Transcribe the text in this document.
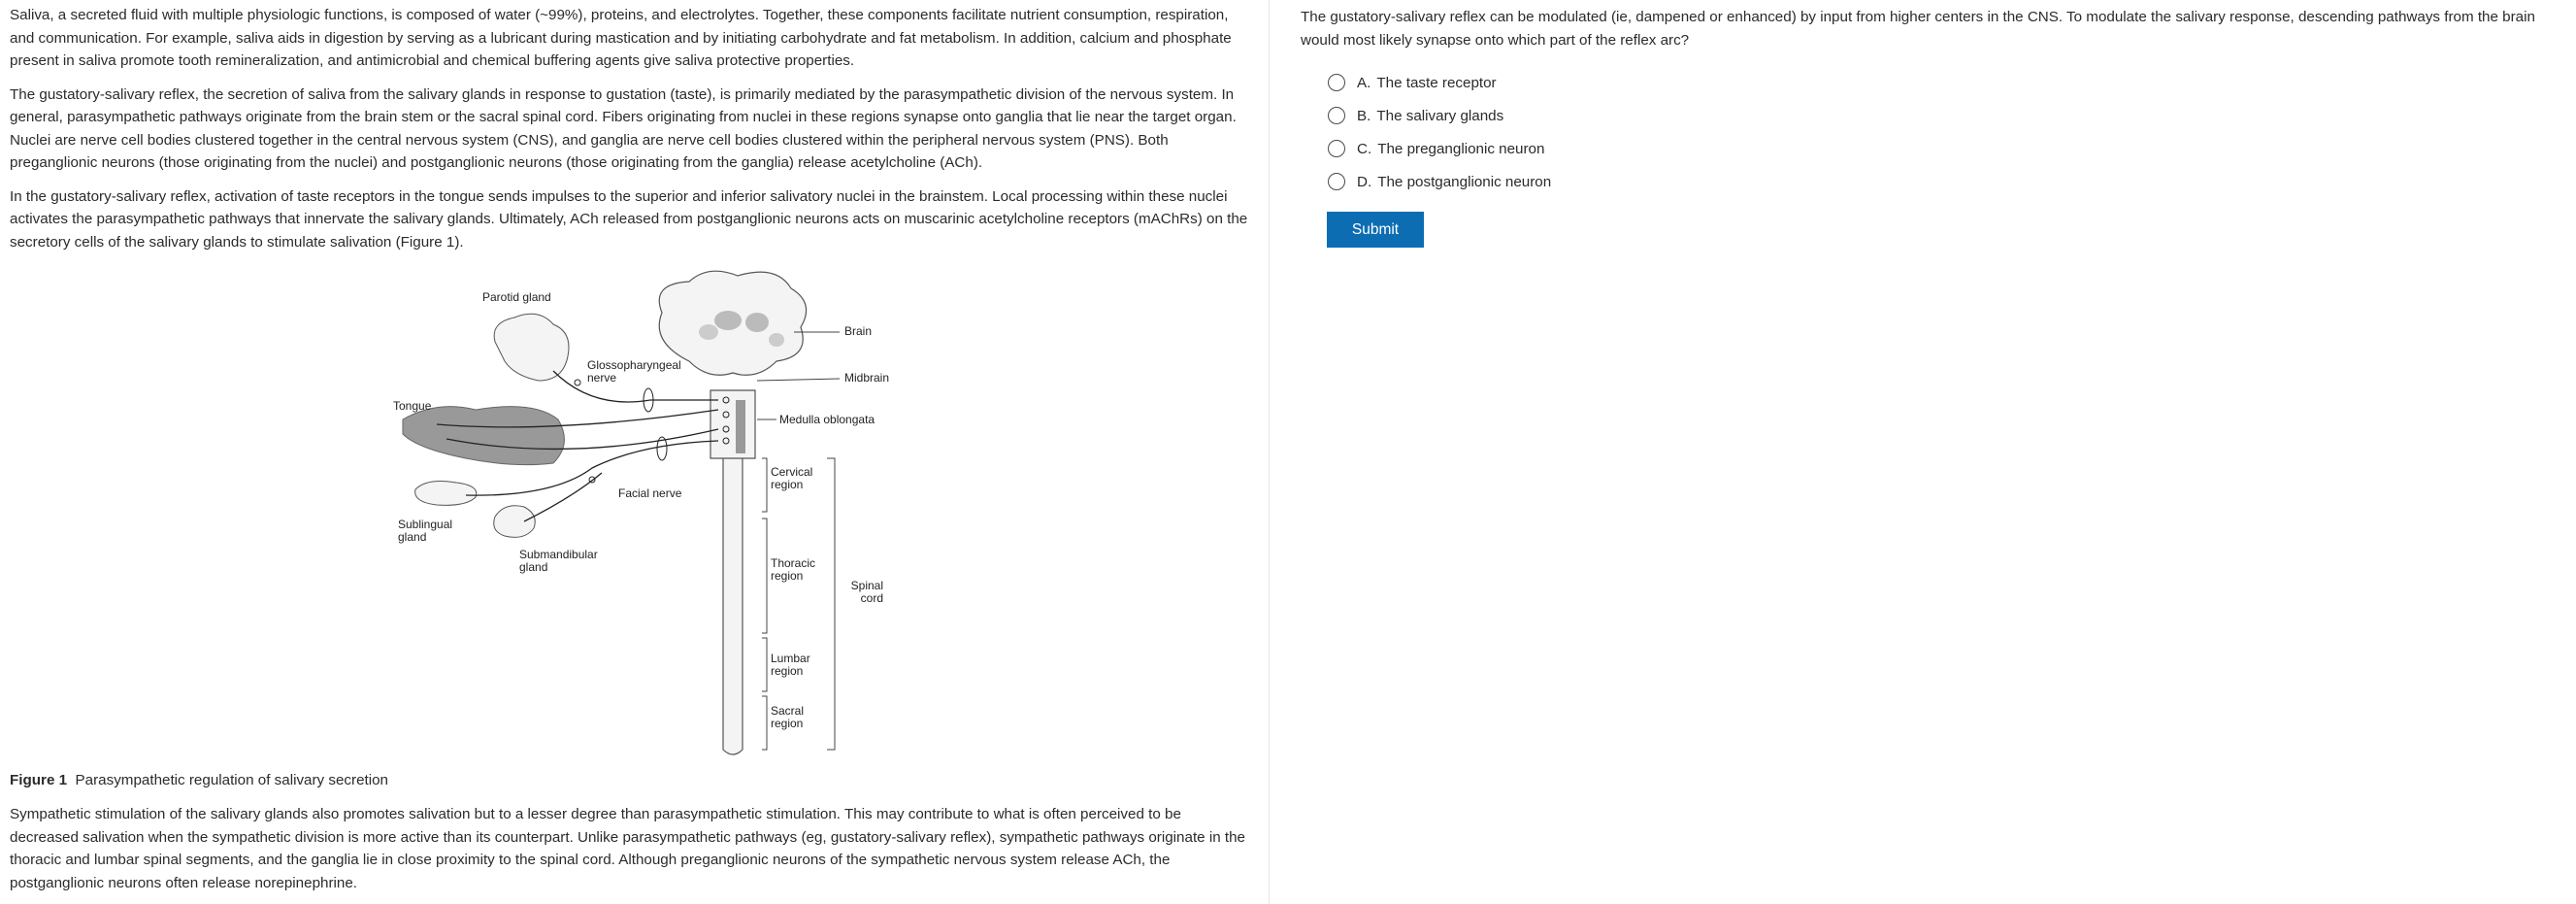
Saliva, a secreted fluid with multiple physiologic functions, is composed of water (~99%), proteins, and electrolytes. Together, these components facilitate nutrient consumption, respiration, and communication. For example, saliva aids in digestion by serving as a lubricant during mastication and by initiating carbohydrate and fat metabolism. In addition, calcium and phosphate present in saliva promote tooth remineralization, and antimicrobial and chemical buffering agents give saliva protective properties.

The gustatory-salivary reflex, the secretion of saliva from the salivary glands in response to gustation (taste), is primarily mediated by the parasympathetic division of the nervous system. In general, parasympathetic pathways originate from the brain stem or the sacral spinal cord. Fibers originating from nuclei in these regions synapse onto ganglia that lie near the target organ. Nuclei are nerve cell bodies clustered together in the central nervous system (CNS), and ganglia are nerve cell bodies clustered within the peripheral nervous system (PNS). Both preganglionic neurons (those originating from the nuclei) and postganglionic neurons (those originating from the ganglia) release acetylcholine (ACh).

In the gustatory-salivary reflex, activation of taste receptors in the tongue sends impulses to the superior and inferior salivatory nuclei in the brainstem. Local processing within these nuclei activates the parasympathetic pathways that innervate the salivary glands. Ultimately, ACh released from postganglionic neurons acts on muscarinic acetylcholine receptors (mAChRs) on the secretory cells of the salivary glands to stimulate salivation (Figure 1).

Parotid gland
Glossopharyngeal nerve
Tongue
Facial nerve
Sublingual gland
Submandibular gland
Brain
Midbrain
Medulla oblongata
Cervical region
Thoracic region
Lumbar region
Sacral region
Spinal cord
Figure 1 Parasympathetic regulation of salivary secretion

Sympathetic stimulation of the salivary glands also promotes salivation but to a lesser degree than parasympathetic stimulation. This may contribute to what is often perceived to be decreased salivation when the sympathetic division is more active than its counterpart. Unlike parasympathetic pathways (eg, gustatory-salivary reflex), sympathetic pathways originate in the thoracic and lumbar spinal segments, and the ganglia lie in close proximity to the spinal cord. Although preganglionic neurons of the sympathetic nervous system release ACh, the postganglionic neurons often release norepinephrine.

The gustatory-salivary reflex can be modulated (ie, dampened or enhanced) by input from higher centers in the CNS. To modulate the salivary response, descending pathways from the brain would most likely synapse onto which part of the reflex arc?

A. The taste receptor
B. The salivary glands
C. The preganglionic neuron
D. The postganglionic neuron
Submit
